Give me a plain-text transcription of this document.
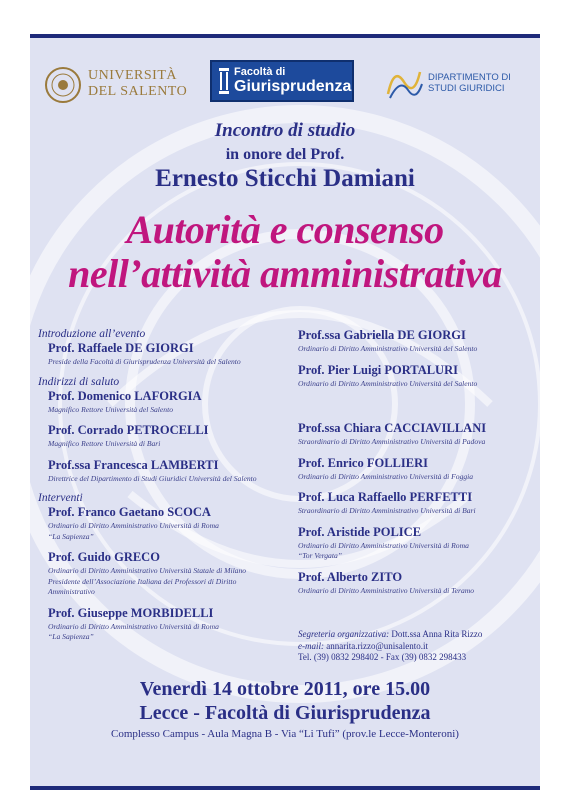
UNIVERSITÀ
DEL SALENTO
Facoltà di
Giurisprudenza
DIPARTIMENTO DI
STUDI GIURIDICI
Incontro di studio
in onore del Prof.
Ernesto Sticchi Damiani
Autorità e consenso
nell’attività amministrativa
Introduzione all’evento
Prof. Raffaele DE GIORGI
Preside della Facoltà di Giurisprudenza Università del Salento
Indirizzi di saluto
Prof. Domenico LAFORGIA
Magnifico Rettore Università del Salento
Prof. Corrado PETROCELLI
Magnifico Rettore Università di Bari
Prof.ssa Francesca LAMBERTI
Direttrice del Dipartimento di Studi Giuridici Università del Salento
Interventi
Prof. Franco Gaetano SCOCA
Ordinario di Diritto Amministrativo Università di Roma
“La Sapienza”
Prof. Guido GRECO
Ordinario di Diritto Amministrativo Università Statale di Milano
Presidente dell’Associazione Italiana dei Professori di Diritto
Amministrativo
Prof. Giuseppe MORBIDELLI
Ordinario di Diritto Amministrativo Università di Roma
“La Sapienza”
Prof.ssa Gabriella DE GIORGI
Ordinario di Diritto Amministrativo Università del Salento
Prof. Pier Luigi PORTALURI
Ordinario di Diritto Amministrativo Università del Salento
Prof.ssa Chiara CACCIAVILLANI
Straordinario di Diritto Amministrativo Università di Padova
Prof. Enrico FOLLIERI
Ordinario di Diritto Amministrativo Università di Foggia
Prof. Luca Raffaello PERFETTI
Straordinario di Diritto Amministrativo Università di Bari
Prof. Aristide POLICE
Ordinario di Diritto Amministrativo Università di Roma
“Tor Vergata”
Prof. Alberto ZITO
Ordinario di Diritto Amministrativo Università di Teramo
Segreteria organizzativa: Dott.ssa Anna Rita Rizzo
e-mail: annarita.rizzo@unisalento.it
Tel. (39) 0832 298402 - Fax (39) 0832 298433
Venerdì 14 ottobre 2011, ore 15.00
Lecce - Facoltà di Giurisprudenza
Complesso Campus - Aula Magna B - Via “Li Tufi” (prov.le Lecce-Monteroni)
